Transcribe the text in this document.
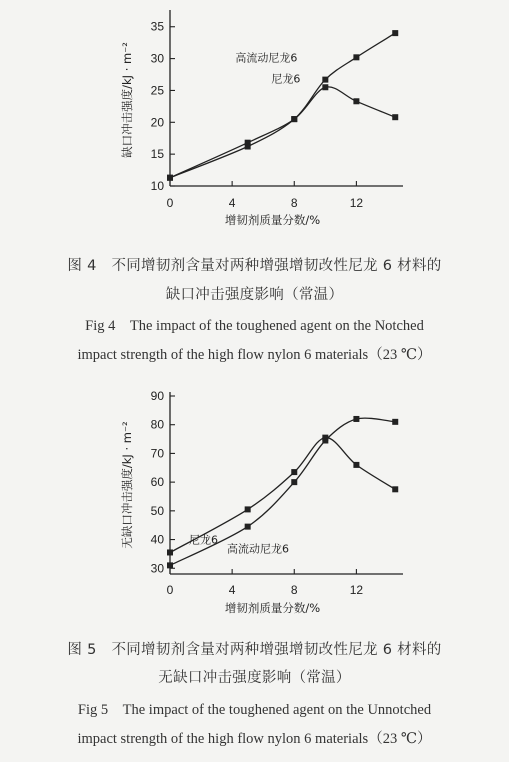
10
15
20
25
30
35
0	4	8	12
增韧剂质量分数/%
缺口冲击强度/kJ · m⁻²	高流动尼龙6
尼龙6
图 4　不同增韧剂含量对两种增强增韧改性尼龙 6 材料的
缺口冲击强度影响（常温）
Fig 4　The impact of the toughened agent on the Notched
impact strength of the high flow nylon 6 materials（23 ℃）
30
40
50
60
70
80
90
0	4	8	12
增韧剂质量分数/%
无缺口冲击强度/kJ · m⁻²	尼龙6
高流动尼龙6
图 5　不同增韧剂含量对两种增强增韧改性尼龙 6 材料的
无缺口冲击强度影响（常温）
Fig 5　The impact of the toughened agent on the Unnotched
impact strength of the high flow nylon 6 materials（23 ℃）
